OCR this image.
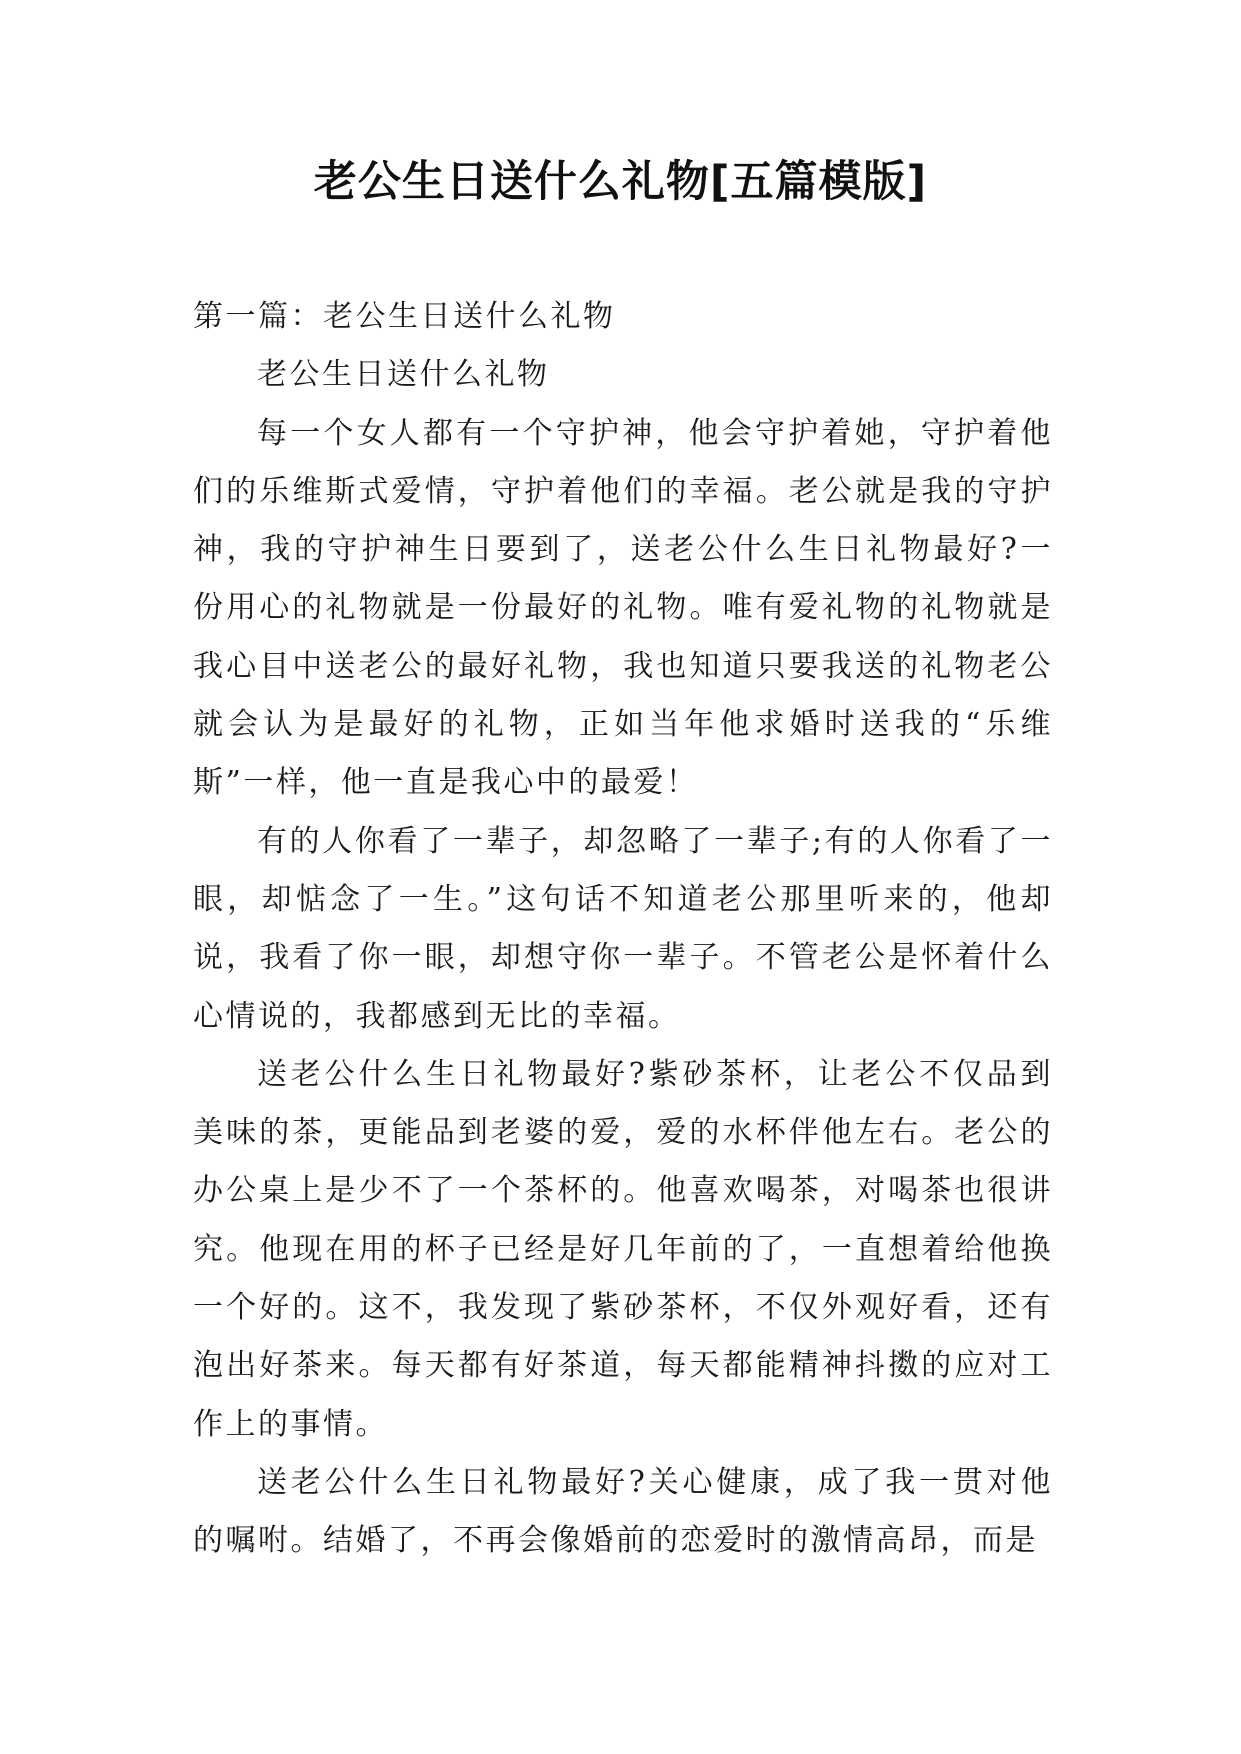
老公生日送什么礼物[五篇模版]
第一篇：老公生日送什么礼物

老公生日送什么礼物

每一个女人都有一个守护神，他会守护着她，守护着他们的乐维斯式爱情，守护着他们的幸福。老公就是我的守护神，我的守护神生日要到了，送老公什么生日礼物最好?一份用心的礼物就是一份最好的礼物。唯有爱礼物的礼物就是我心目中送老公的最好礼物，我也知道只要我送的礼物老公就会认为是最好的礼物，正如当年他求婚时送我的“乐维斯”一样，他一直是我心中的最爱！

有的人你看了一辈子，却忽略了一辈子;有的人你看了一眼，却惦念了一生。”这句话不知道老公那里听来的，他却说，我看了你一眼，却想守你一辈子。不管老公是怀着什么心情说的，我都感到无比的幸福。

送老公什么生日礼物最好?紫砂茶杯，让老公不仅品到美味的茶，更能品到老婆的爱，爱的水杯伴他左右。老公的办公桌上是少不了一个茶杯的。他喜欢喝茶，对喝茶也很讲究。他现在用的杯子已经是好几年前的了，一直想着给他换一个好的。这不，我发现了紫砂茶杯，不仅外观好看，还有泡出好茶来。每天都有好茶道，每天都能精神抖擞的应对工作上的事情。

送老公什么生日礼物最好?关心健康，成了我一贯对他的嘱咐。结婚了，不再会像婚前的恋爱时的激情高昂，而是
